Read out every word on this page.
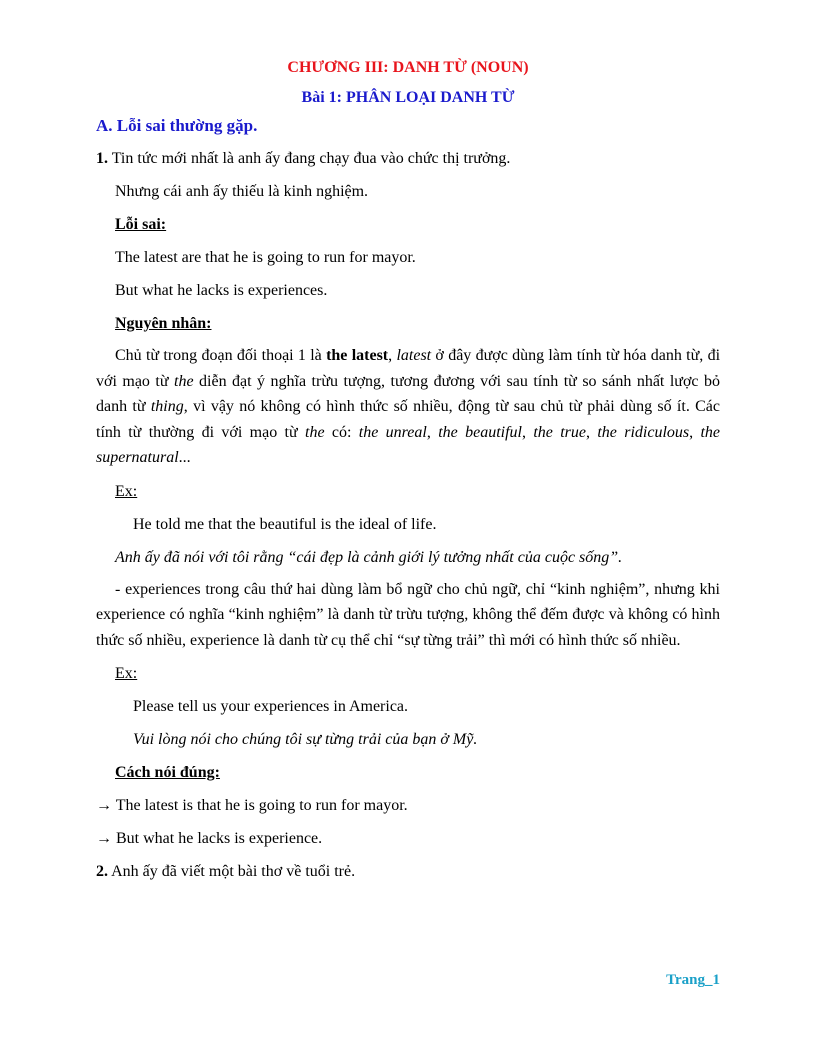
CHƯƠNG III: DANH TỪ (NOUN)
Bài 1: PHÂN LOẠI DANH TỪ
A. Lỗi sai thường gặp.
1. Tin tức mới nhất là anh ấy đang chạy đua vào chức thị trưởng.
Nhưng cái anh ấy thiếu là kinh nghiệm.
Lỗi sai:
The latest are that he is going to run for mayor.
But what he lacks is experiences.
Nguyên nhân:
Chủ từ trong đoạn đối thoại 1 là the latest, latest ở đây được dùng làm tính từ hóa danh từ, đi với mạo từ the diễn đạt ý nghĩa trừu tượng, tương đương với sau tính từ so sánh nhất lược bỏ danh từ thing, vì vậy nó không có hình thức số nhiều, động từ sau chủ từ phải dùng số ít. Các tính từ thường đi với mạo từ the có: the unreal, the beautiful, the true, the ridiculous, the supernatural...
Ex:
He told me that the beautiful is the ideal of life.
Anh ấy đã nói với tôi rằng “cái đẹp là cảnh giới lý tưởng nhất của cuộc sống”.
- experiences trong câu thứ hai dùng làm bổ ngữ cho chủ ngữ, chỉ “kinh nghiệm”, nhưng khi experience có nghĩa “kinh nghiệm” là danh từ trừu tượng, không thể đếm được và không có hình thức số nhiều, experience là danh từ cụ thể chỉ “sự từng trải” thì mới có hình thức số nhiều.
Ex:
Please tell us your experiences in America.
Vui lòng nói cho chúng tôi sự từng trải của bạn ở Mỹ.
Cách nói đúng:
→ The latest is that he is going to run for mayor.
→ But what he lacks is experience.
2. Anh ấy đã viết một bài thơ về tuổi trẻ.
Trang_1
